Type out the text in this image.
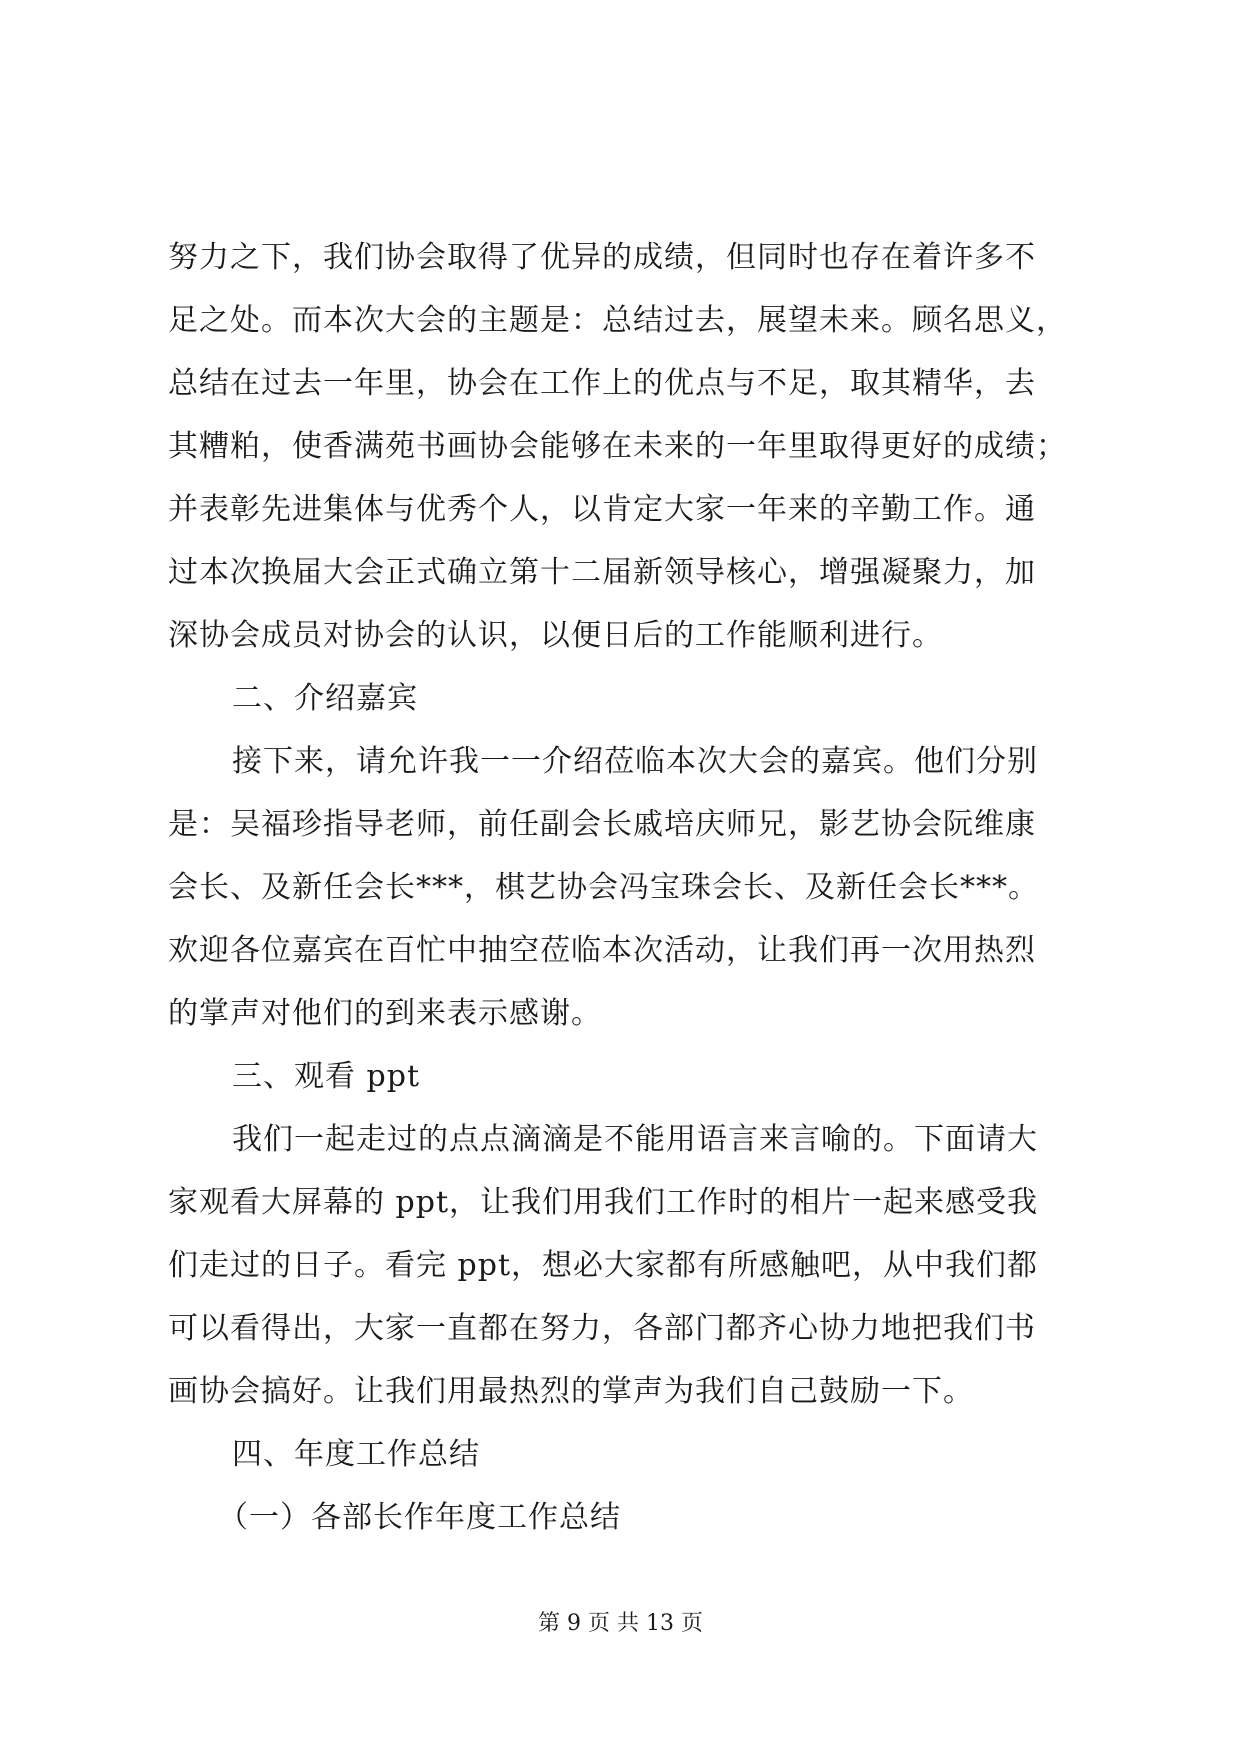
努力之下，我们协会取得了优异的成绩，但同时也存在着许多不
足之处。而本次大会的主题是：总结过去，展望未来。顾名思义，
总结在过去一年里，协会在工作上的优点与不足，取其精华，去
其糟粕，使香满苑书画协会能够在未来的一年里取得更好的成绩；
并表彰先进集体与优秀个人，以肯定大家一年来的辛勤工作。通
过本次换届大会正式确立第十二届新领导核心，增强凝聚力，加
深协会成员对协会的认识，以便日后的工作能顺利进行。
二、介绍嘉宾
接下来，请允许我一一介绍莅临本次大会的嘉宾。他们分别
是：吴福珍指导老师，前任副会长戚培庆师兄，影艺协会阮维康
会长、及新任会长***，棋艺协会冯宝珠会长、及新任会长***。
欢迎各位嘉宾在百忙中抽空莅临本次活动，让我们再一次用热烈
的掌声对他们的到来表示感谢。
三、观看 ppt
我们一起走过的点点滴滴是不能用语言来言喻的。下面请大
家观看大屏幕的 ppt，让我们用我们工作时的相片一起来感受我
们走过的日子。看完 ppt，想必大家都有所感触吧，从中我们都
可以看得出，大家一直都在努力，各部门都齐心协力地把我们书
画协会搞好。让我们用最热烈的掌声为我们自己鼓励一下。
四、年度工作总结
（一）各部长作年度工作总结
第 9 页 共 13 页
